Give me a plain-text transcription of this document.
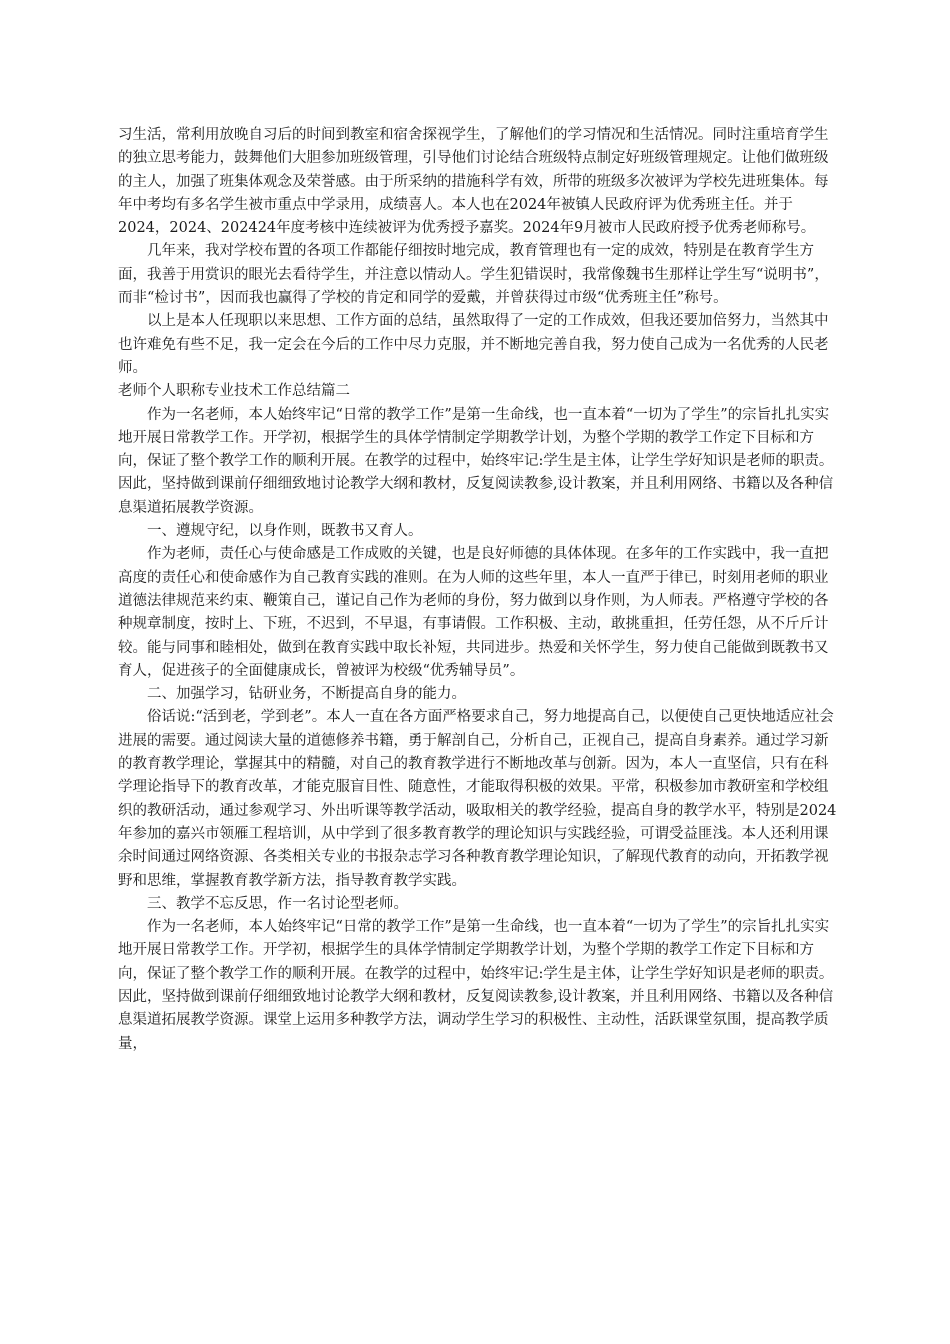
习生活，常利用放晚自习后的时间到教室和宿舍探视学生，了解他们的学习情况和生活情况。同时注重培育学生的独立思考能力，鼓舞他们大胆参加班级管理，引导他们讨论结合班级特点制定好班级管理规定。让他们做班级的主人，加强了班集体观念及荣誉感。由于所采纳的措施科学有效，所带的班级多次被评为学校先进班集体。每年中考均有多名学生被市重点中学录用，成绩喜人。本人也在2024年被镇人民政府评为优秀班主任。并于2024，2024、202424年度考核中连续被评为优秀授予嘉奖。2024年9月被市人民政府授予优秀老师称号。

几年来，我对学校布置的各项工作都能仔细按时地完成，教育管理也有一定的成效，特别是在教育学生方面，我善于用赏识的眼光去看待学生，并注意以情动人。学生犯错误时，我常像魏书生那样让学生写“说明书”，而非“检讨书”，因而我也赢得了学校的肯定和同学的爱戴，并曾获得过市级“优秀班主任”称号。

以上是本人任现职以来思想、工作方面的总结，虽然取得了一定的工作成效，但我还要加倍努力，当然其中也许难免有些不足，我一定会在今后的工作中尽力克服，并不断地完善自我，努力使自己成为一名优秀的人民老师。

老师个人职称专业技术工作总结篇二

作为一名老师，本人始终牢记“日常的教学工作”是第一生命线，也一直本着“一切为了学生”的宗旨扎扎实实地开展日常教学工作。开学初，根据学生的具体学情制定学期教学计划，为整个学期的教学工作定下目标和方向，保证了整个教学工作的顺利开展。在教学的过程中，始终牢记:学生是主体，让学生学好知识是老师的职责。因此，坚持做到课前仔细细致地讨论教学大纲和教材，反复阅读教参,设计教案，并且利用网络、书籍以及各种信息渠道拓展教学资源。

一、遵规守纪，以身作则，既教书又育人。

作为老师，责任心与使命感是工作成败的关键，也是良好师德的具体体现。在多年的工作实践中，我一直把高度的责任心和使命感作为自己教育实践的准则。在为人师的这些年里，本人一直严于律已，时刻用老师的职业道德法律规范来约束、鞭策自己，谨记自己作为老师的身份，努力做到以身作则，为人师表。严格遵守学校的各种规章制度，按时上、下班，不迟到，不早退，有事请假。工作积极、主动，敢挑重担，任劳任怨，从不斤斤计较。能与同事和睦相处，做到在教育实践中取长补短，共同进步。热爱和关怀学生，努力使自己能做到既教书又育人，促进孩子的全面健康成长，曾被评为校级“优秀辅导员”。

二、加强学习，钻研业务，不断提高自身的能力。

俗话说:“活到老，学到老”。本人一直在各方面严格要求自己，努力地提高自己，以便使自己更快地适应社会进展的需要。通过阅读大量的道德修养书籍，勇于解剖自己，分析自己，正视自己，提高自身素养。通过学习新的教育教学理论，掌握其中的精髓，对自己的教育教学进行不断地改革与创新。因为，本人一直坚信，只有在科学理论指导下的教育改革，才能克服盲目性、随意性，才能取得积极的效果。平常，积极参加市教研室和学校组织的教研活动，通过参观学习、外出听课等教学活动，吸取相关的教学经验，提高自身的教学水平，特别是2024年参加的嘉兴市领雁工程培训，从中学到了很多教育教学的理论知识与实践经验，可谓受益匪浅。本人还利用课余时间通过网络资源、各类相关专业的书报杂志学习各种教育教学理论知识，了解现代教育的动向，开拓教学视野和思维，掌握教育教学新方法，指导教育教学实践。

三、教学不忘反思，作一名讨论型老师。

作为一名老师，本人始终牢记“日常的教学工作”是第一生命线，也一直本着“一切为了学生”的宗旨扎扎实实地开展日常教学工作。开学初，根据学生的具体学情制定学期教学计划，为整个学期的教学工作定下目标和方向，保证了整个教学工作的顺利开展。在教学的过程中，始终牢记:学生是主体，让学生学好知识是老师的职责。因此，坚持做到课前仔细细致地讨论教学大纲和教材，反复阅读教参,设计教案，并且利用网络、书籍以及各种信息渠道拓展教学资源。课堂上运用多种教学方法，调动学生学习的积极性、主动性，活跃课堂氛围，提高教学质量，
